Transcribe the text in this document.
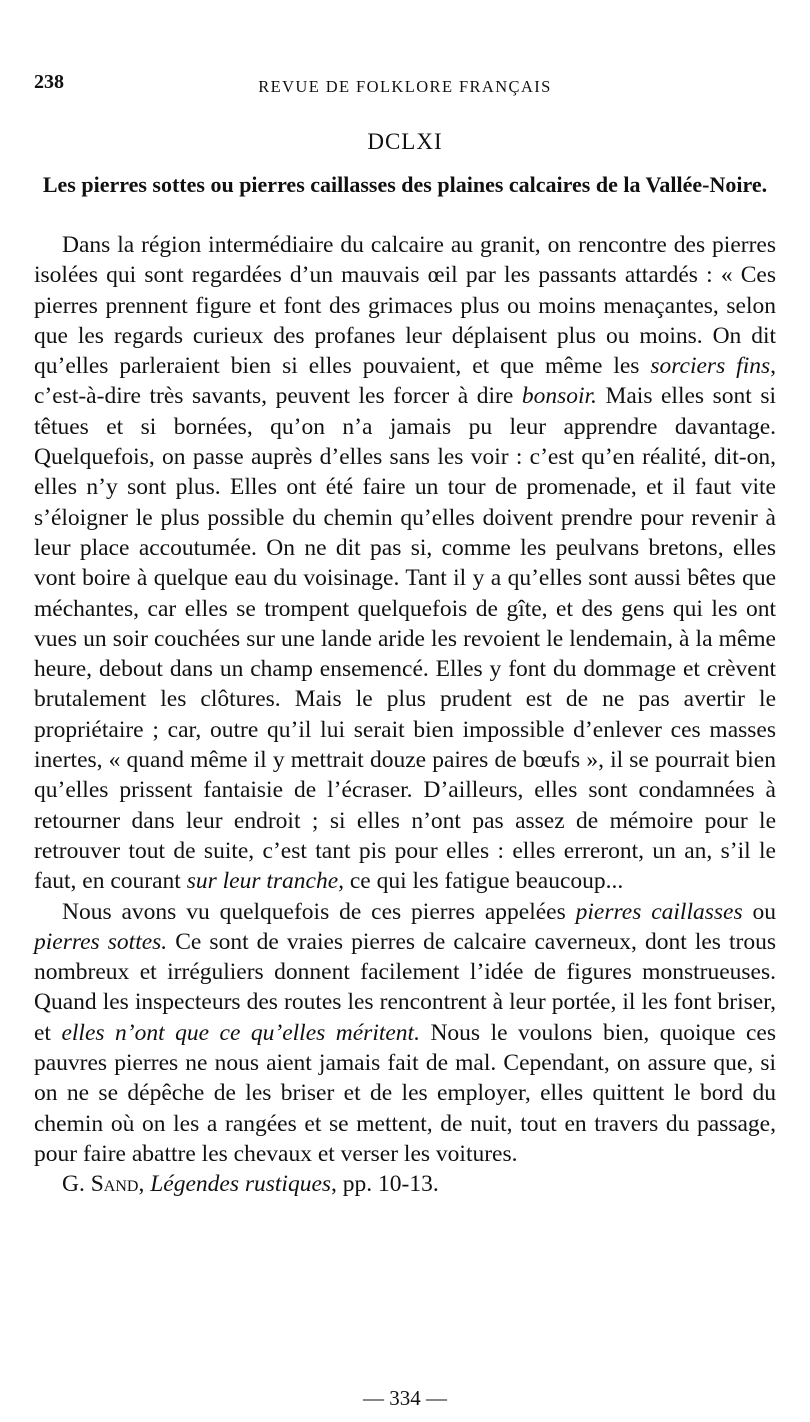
238	REVUE DE FOLKLORE FRANÇAIS
DCLXI
Les pierres sottes ou pierres caillasses des plaines calcaires de la Vallée-Noire.

Dans la région intermédiaire du calcaire au granit, on rencontre des pierres isolées qui sont regardées d’un mauvais œil par les passants attardés : « Ces pierres prennent figure et font des grimaces plus ou moins menaçantes, selon que les regards curieux des profanes leur déplaisent plus ou moins. On dit qu’elles parleraient bien si elles pouvaient, et que même les sorciers fins, c’est-à-dire très savants, peuvent les forcer à dire bonsoir. Mais elles sont si têtues et si bornées, qu’on n’a jamais pu leur apprendre davantage. Quelquefois, on passe auprès d’elles sans les voir : c’est qu’en réalité, dit-on, elles n’y sont plus. Elles ont été faire un tour de promenade, et il faut vite s’éloigner le plus possible du chemin qu’elles doivent prendre pour revenir à leur place accoutumée. On ne dit pas si, comme les peulvans bretons, elles vont boire à quelque eau du voisinage. Tant il y a qu’elles sont aussi bêtes que méchantes, car elles se trompent quelquefois de gîte, et des gens qui les ont vues un soir couchées sur une lande aride les revoient le lendemain, à la même heure, debout dans un champ ensemencé. Elles y font du dommage et crèvent brutalement les clôtures. Mais le plus prudent est de ne pas avertir le propriétaire ; car, outre qu’il lui serait bien impossible d’enlever ces masses inertes, « quand même il y mettrait douze paires de bœufs », il se pourrait bien qu’elles prissent fantaisie de l’écraser. D’ailleurs, elles sont condamnées à retourner dans leur endroit ; si elles n’ont pas assez de mémoire pour le retrouver tout de suite, c’est tant pis pour elles : elles erreront, un an, s’il le faut, en courant sur leur tranche, ce qui les fatigue beaucoup...

Nous avons vu quelquefois de ces pierres appelées pierres caillasses ou pierres sottes. Ce sont de vraies pierres de calcaire caverneux, dont les trous nombreux et irréguliers donnent facilement l’idée de figures monstrueuses. Quand les inspecteurs des routes les rencontrent à leur portée, il les font briser, et elles n’ont que ce qu’elles méritent. Nous le voulons bien, quoique ces pauvres pierres ne nous aient jamais fait de mal. Cependant, on assure que, si on ne se dépêche de les briser et de les employer, elles quittent le bord du chemin où on les a rangées et se mettent, de nuit, tout en travers du passage, pour faire abattre les chevaux et verser les voitures.

G. Sand, Légendes rustiques, pp. 10-13.

— 334 —
